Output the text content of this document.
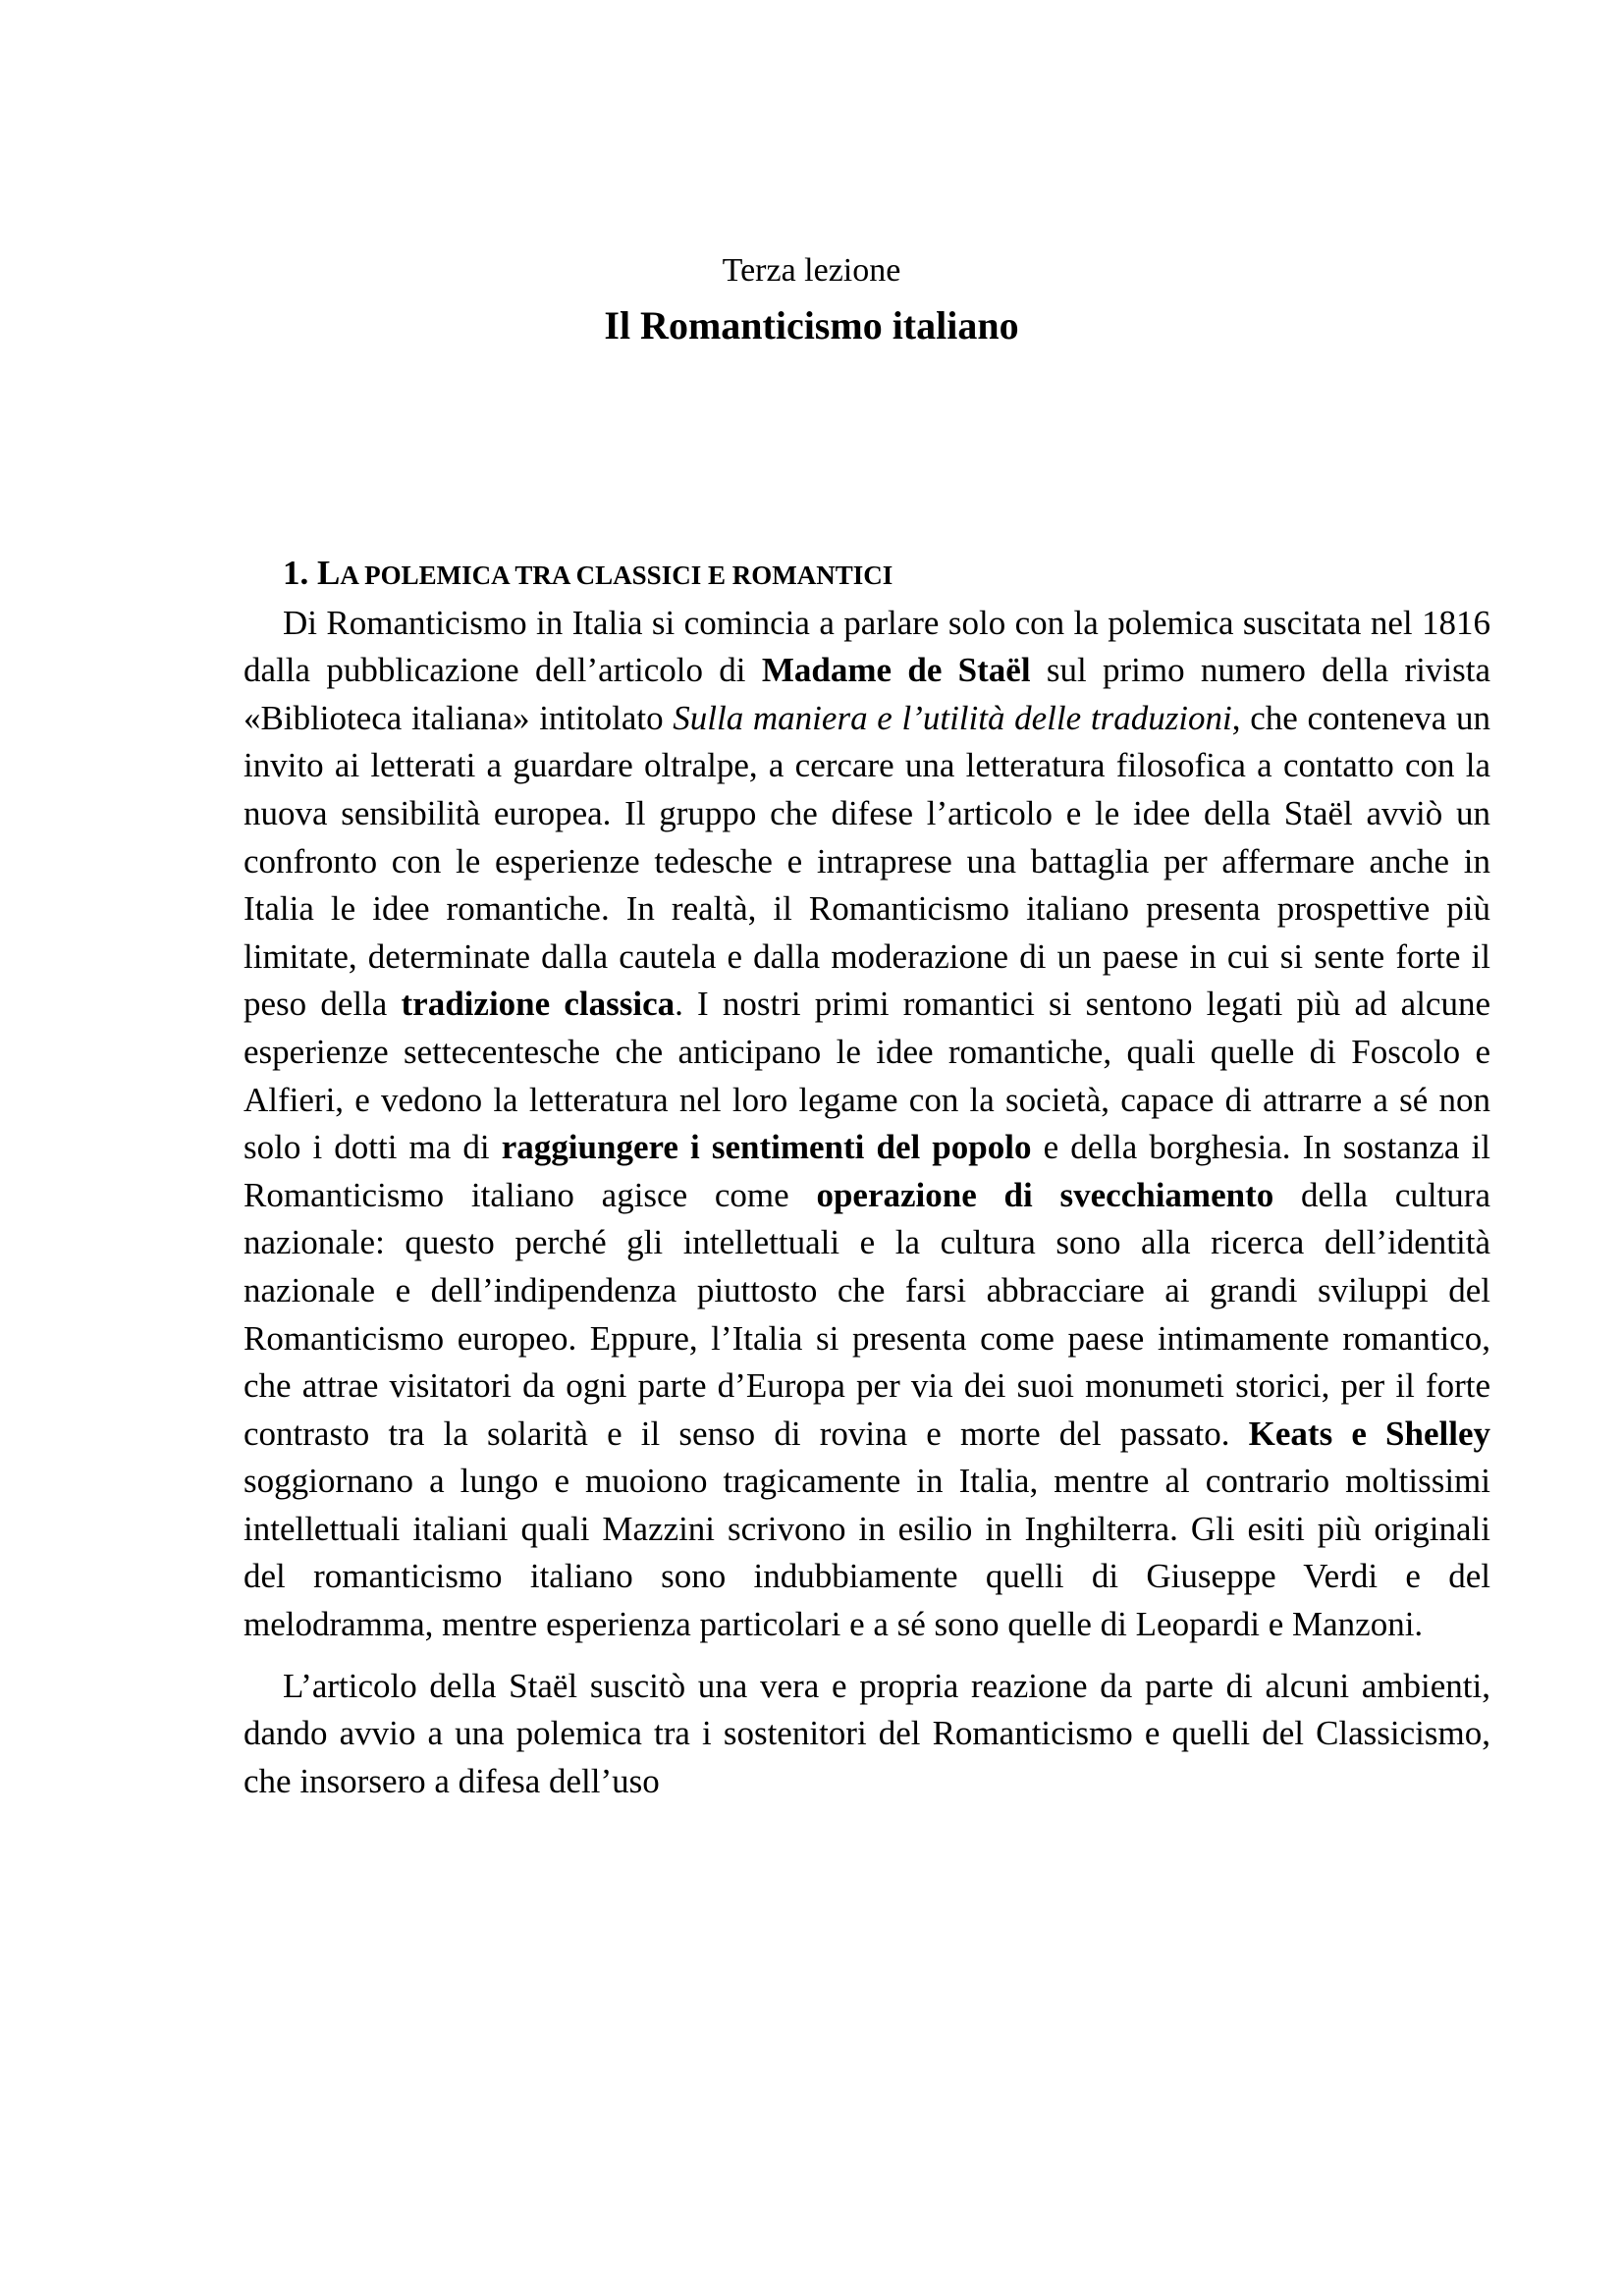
Terza lezione
Il Romanticismo italiano
1. LA POLEMICA TRA CLASSICI E ROMANTICI

Di Romanticismo in Italia si comincia a parlare solo con la polemica suscitata nel 1816 dalla pubblicazione dell’articolo di Madame de Staël sul primo numero della rivista «Biblioteca italiana» intitolato Sulla maniera e l’utilità delle traduzioni, che conteneva un invito ai letterati a guardare oltralpe, a cercare una letteratura filosofica a contatto con la nuova sensibilità europea. Il gruppo che difese l’articolo e le idee della Staël avviò un confronto con le esperienze tedesche e intraprese una battaglia per affermare anche in Italia le idee romantiche. In realtà, il Romanticismo italiano presenta prospettive più limitate, determinate dalla cautela e dalla moderazione di un paese in cui si sente forte il peso della tradizione classica. I nostri primi romantici si sentono legati più ad alcune esperienze settecentesche che anticipano le idee romantiche, quali quelle di Foscolo e Alfieri, e vedono la letteratura nel loro legame con la società, capace di attrarre a sé non solo i dotti ma di raggiungere i sentimenti del popolo e della borghesia. In sostanza il Romanticismo italiano agisce come operazione di svecchiamento della cultura nazionale: questo perché gli intellettuali e la cultura sono alla ricerca dell’identità nazionale e dell’indipendenza piuttosto che farsi abbracciare ai grandi sviluppi del Romanticismo europeo. Eppure, l’Italia si presenta come paese intimamente romantico, che attrae visitatori da ogni parte d’Europa per via dei suoi monumeti storici, per il forte contrasto tra la solarità e il senso di rovina e morte del passato. Keats e Shelley soggiornano a lungo e muoiono tragicamente in Italia, mentre al contrario moltissimi intellettuali italiani quali Mazzini scrivono in esilio in Inghilterra. Gli esiti più originali del romanticismo italiano sono indubbiamente quelli di Giuseppe Verdi e del melodramma, mentre esperienza particolari e a sé sono quelle di Leopardi e Manzoni.

L’articolo della Staël suscitò una vera e propria reazione da parte di alcuni ambienti, dando avvio a una polemica tra i sostenitori del Romanticismo e quelli del Classicismo, che insorsero a difesa dell’uso
